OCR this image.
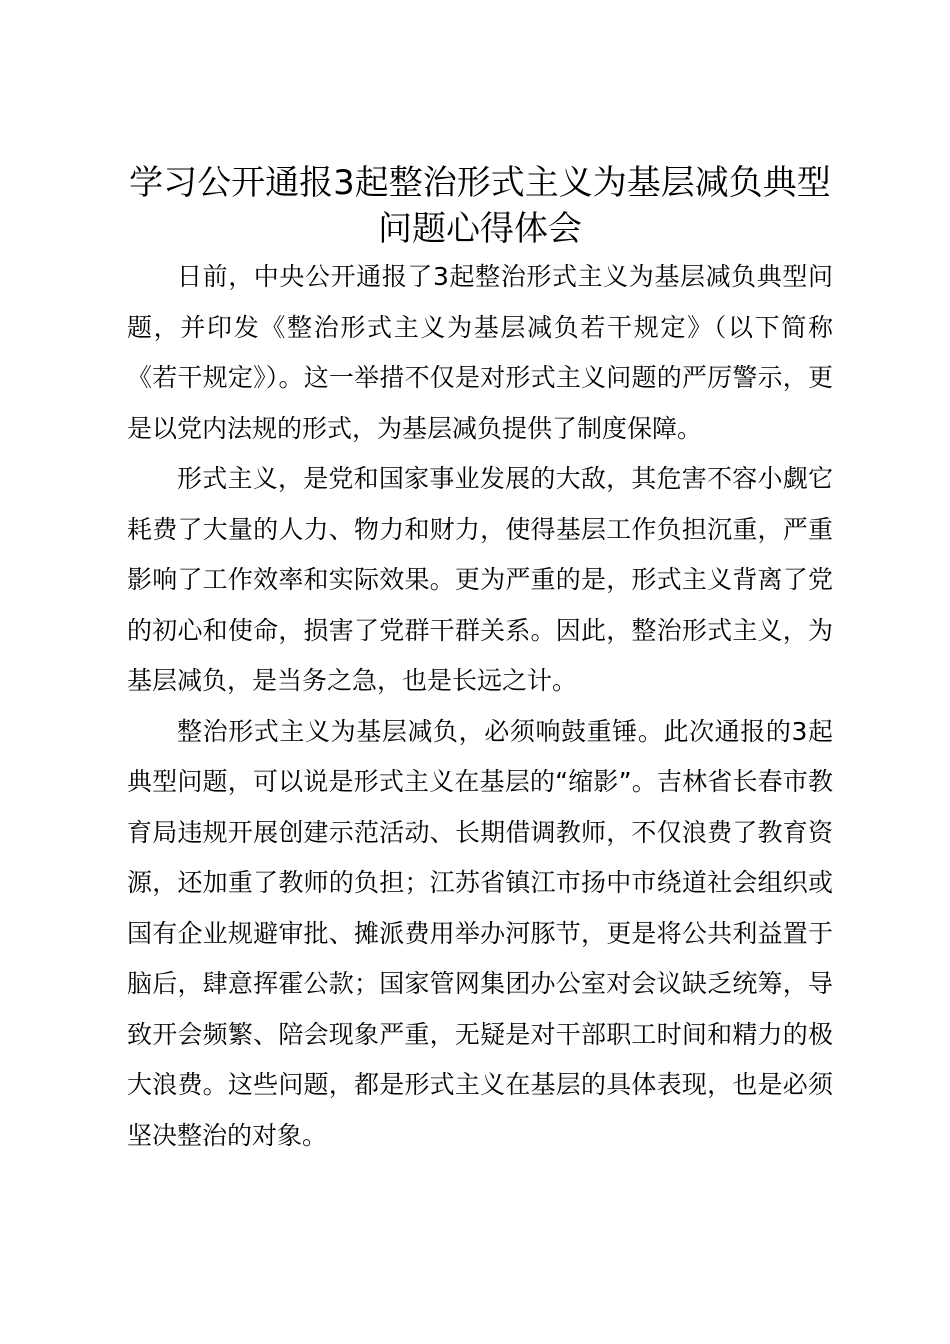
学习公开通报3起整治形式主义为基层减负典型问题心得体会

日前，中央公开通报了3起整治形式主义为基层减负典型问题，并印发《整治形式主义为基层减负若干规定》（以下简称《若干规定》）。这一举措不仅是对形式主义问题的严厉警示，更是以党内法规的形式，为基层减负提供了制度保障。

形式主义，是党和国家事业发展的大敌，其危害不容小觑它耗费了大量的人力、物力和财力，使得基层工作负担沉重，严重影响了工作效率和实际效果。更为严重的是，形式主义背离了党的初心和使命，损害了党群干群关系。因此，整治形式主义，为基层减负，是当务之急，也是长远之计。

整治形式主义为基层减负，必须响鼓重锤。此次通报的3起典型问题，可以说是形式主义在基层的“缩影”。吉林省长春市教育局违规开展创建示范活动、长期借调教师，不仅浪费了教育资源，还加重了教师的负担；江苏省镇江市扬中市绕道社会组织或国有企业规避审批、摊派费用举办河豚节，更是将公共利益置于脑后，肆意挥霍公款；国家管网集团办公室对会议缺乏统筹，导致开会频繁、陪会现象严重，无疑是对干部职工时间和精力的极大浪费。这些问题，都是形式主义在基层的具体表现，也是必须坚决整治的对象。
